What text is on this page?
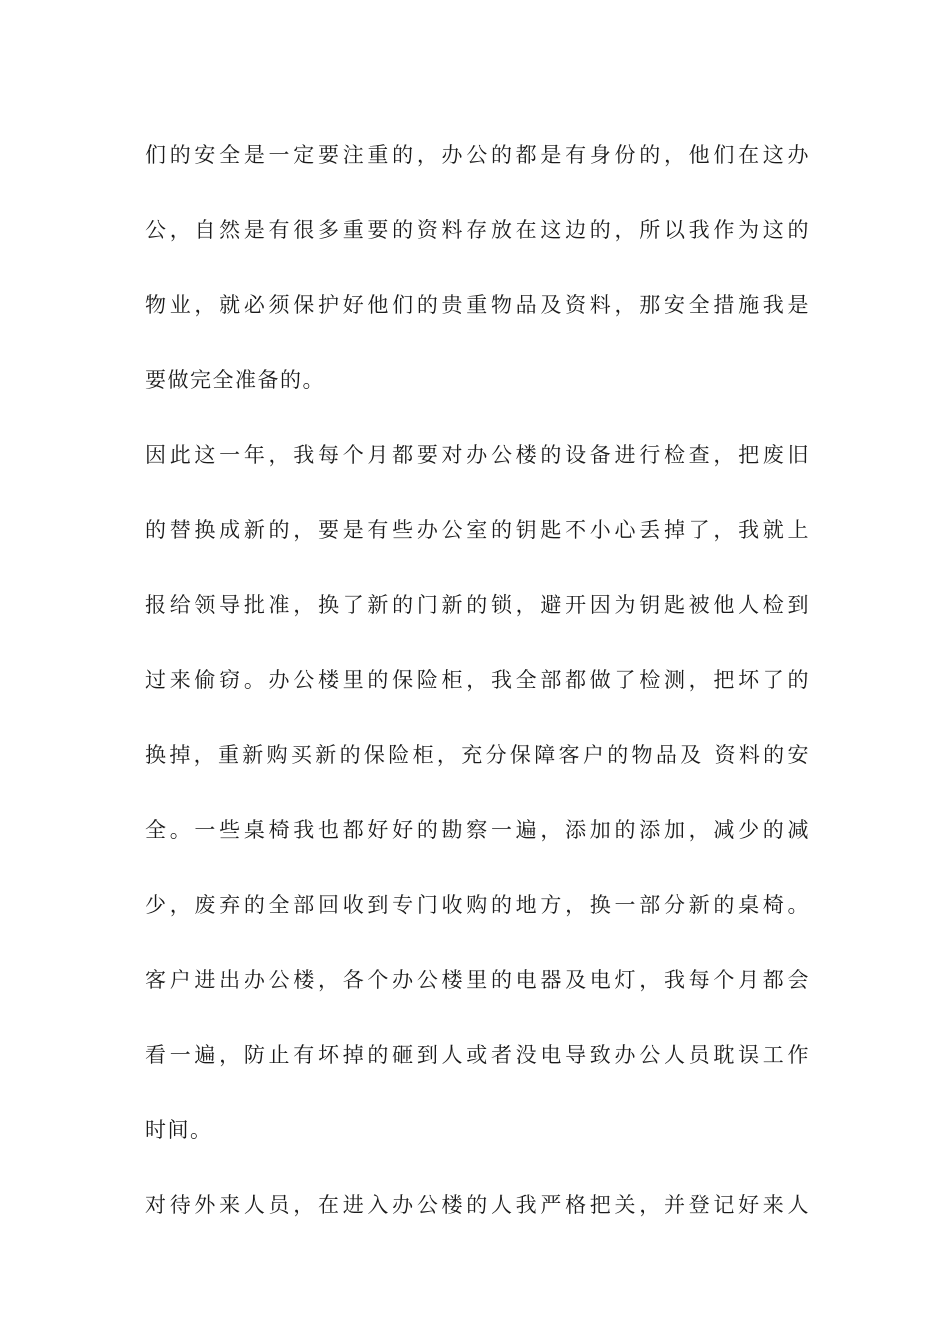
们的安全是一定要注重的，办公的都是有身份的，他们在这办
公，自然是有很多重要的资料存放在这边的，所以我作为这的
物业，就必须保护好他们的贵重物品及资料，那安全措施我是
要做完全准备的。
因此这一年，我每个月都要对办公楼的设备进行检查，把废旧
的替换成新的，要是有些办公室的钥匙不小心丢掉了，我就上
报给领导批准，换了新的门新的锁，避开因为钥匙被他人检到
过来偷窃。办公楼里的保险柜，我全部都做了检测，把坏了的
换掉，重新购买新的保险柜，充分保障客户的物品及 资料的安
全。一些桌椅我也都好好的勘察一遍，添加的添加，减少的减
少，废弃的全部回收到专门收购的地方，换一部分新的桌椅。
客户进出办公楼，各个办公楼里的电器及电灯，我每个月都会
看一遍，防止有坏掉的砸到人或者没电导致办公人员耽误工作
时间。
对待外来人员，在进入办公楼的人我严格把关，并登记好来人
